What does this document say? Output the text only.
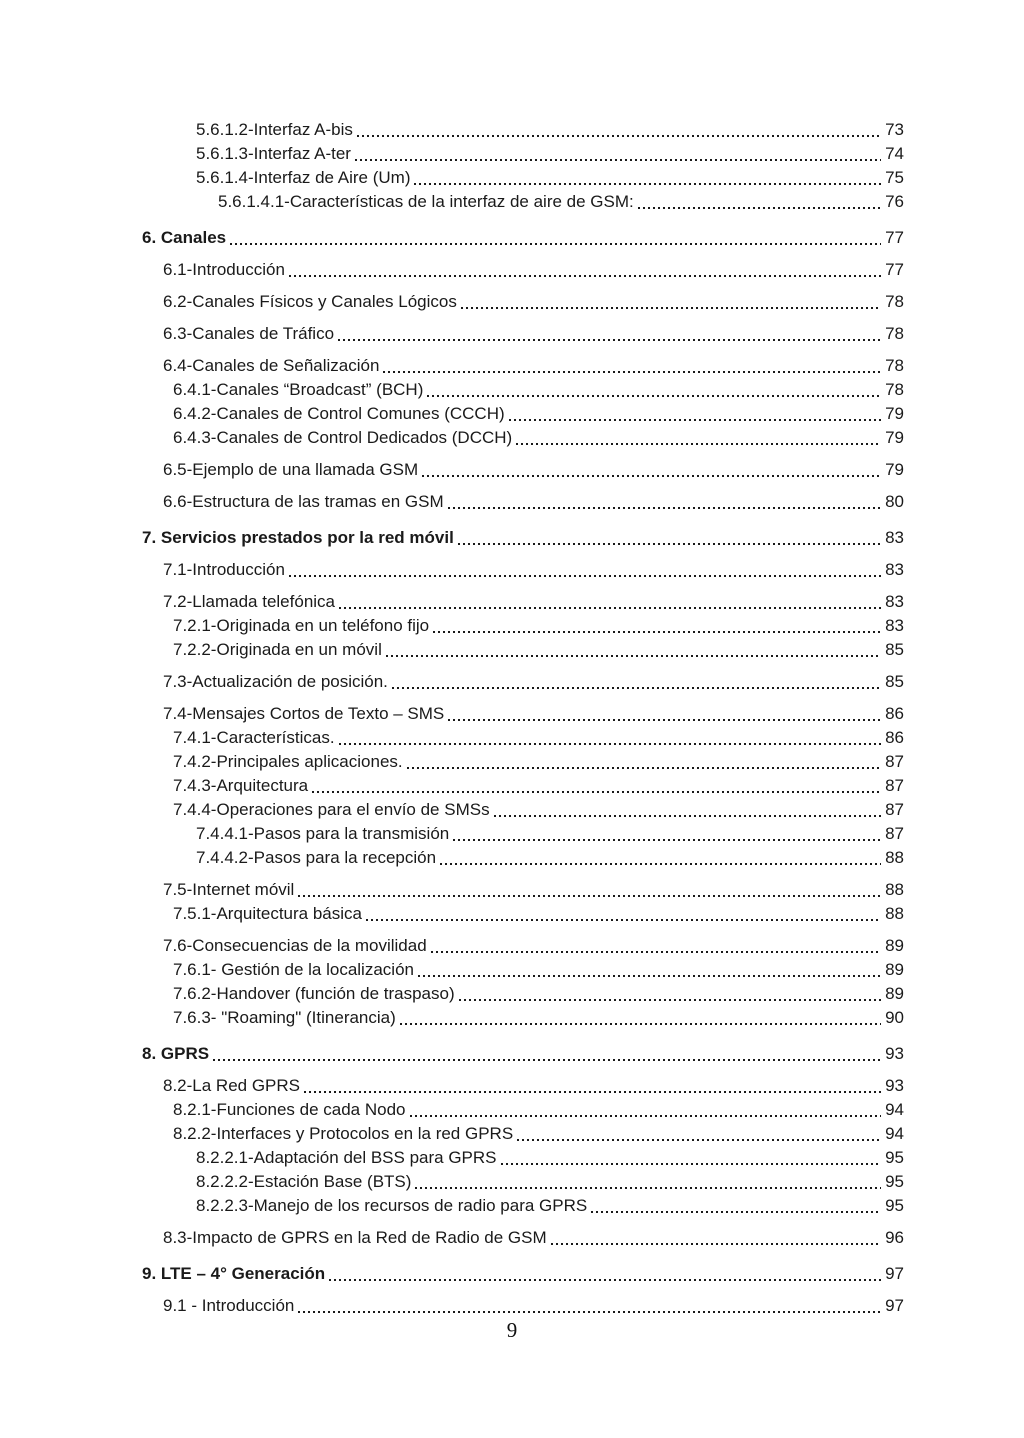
5.6.1.2-Interfaz A-bis	73
5.6.1.3-Interfaz A-ter	74
5.6.1.4-Interfaz de Aire (Um)	75
5.6.1.4.1-Características de la interfaz de aire de GSM:	76
6. Canales	77
6.1-Introducción	77
6.2-Canales Físicos y Canales Lógicos	78
6.3-Canales de Tráfico	78
6.4-Canales de Señalización	78
6.4.1-Canales “Broadcast” (BCH)	78
6.4.2-Canales de Control Comunes (CCCH)	79
6.4.3-Canales de Control Dedicados (DCCH)	79
6.5-Ejemplo de una llamada GSM	79
6.6-Estructura de las tramas en GSM	80
7. Servicios prestados por la red móvil	83
7.1-Introducción	83
7.2-Llamada telefónica	83
7.2.1-Originada en un teléfono fijo	83
7.2.2-Originada en un móvil	85
7.3-Actualización de posición.	85
7.4-Mensajes Cortos de Texto – SMS	86
7.4.1-Características.	86
7.4.2-Principales aplicaciones.	87
7.4.3-Arquitectura	87
7.4.4-Operaciones para el envío de SMSs	87
7.4.4.1-Pasos para la transmisión	87
7.4.4.2-Pasos para la recepción	88
7.5-Internet móvil	88
7.5.1-Arquitectura básica	88
7.6-Consecuencias de la movilidad	89
7.6.1- Gestión de la localización	89
7.6.2-Handover (función de traspaso)	89
7.6.3- "Roaming" (Itinerancia)	90
8. GPRS	93
8.2-La Red GPRS	93
8.2.1-Funciones de cada Nodo	94
8.2.2-Interfaces y Protocolos en la red GPRS	94
8.2.2.1-Adaptación del BSS para GPRS	95
8.2.2.2-Estación Base (BTS)	95
8.2.2.3-Manejo de los recursos de radio para GPRS	95
8.3-Impacto de GPRS en la Red de Radio de GSM	96
9. LTE – 4° Generación	97
9.1 - Introducción	97
9
